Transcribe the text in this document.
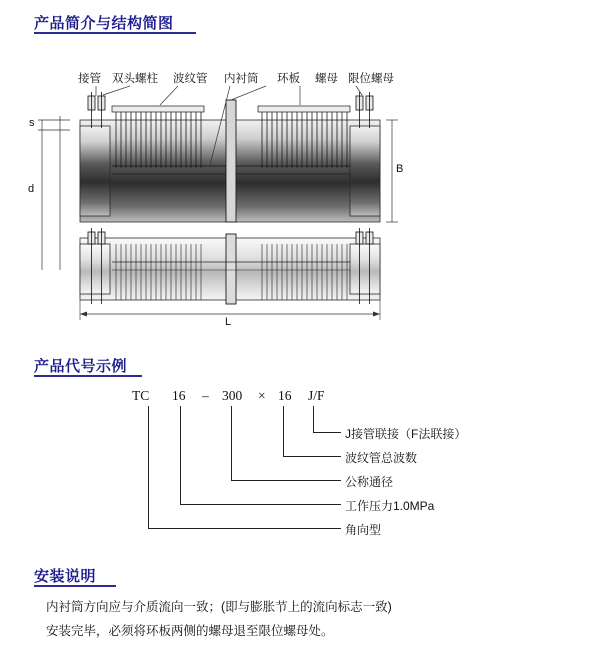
产品简介与结构简图
接管 双头螺柱 波纹管 内衬筒 环板 螺母 限位螺母
s
d
B
L
产品代号示例
TC 16 – 300 × 16 J/F
J接管联接（F法联接）
波纹管总波数
公称通径
工作压力1.0MPa
角向型
安装说明

内衬筒方向应与介质流向一致；(即与膨胀节上的流向标志一致)

安装完毕，必须将环板两侧的螺母退至限位螺母处。
